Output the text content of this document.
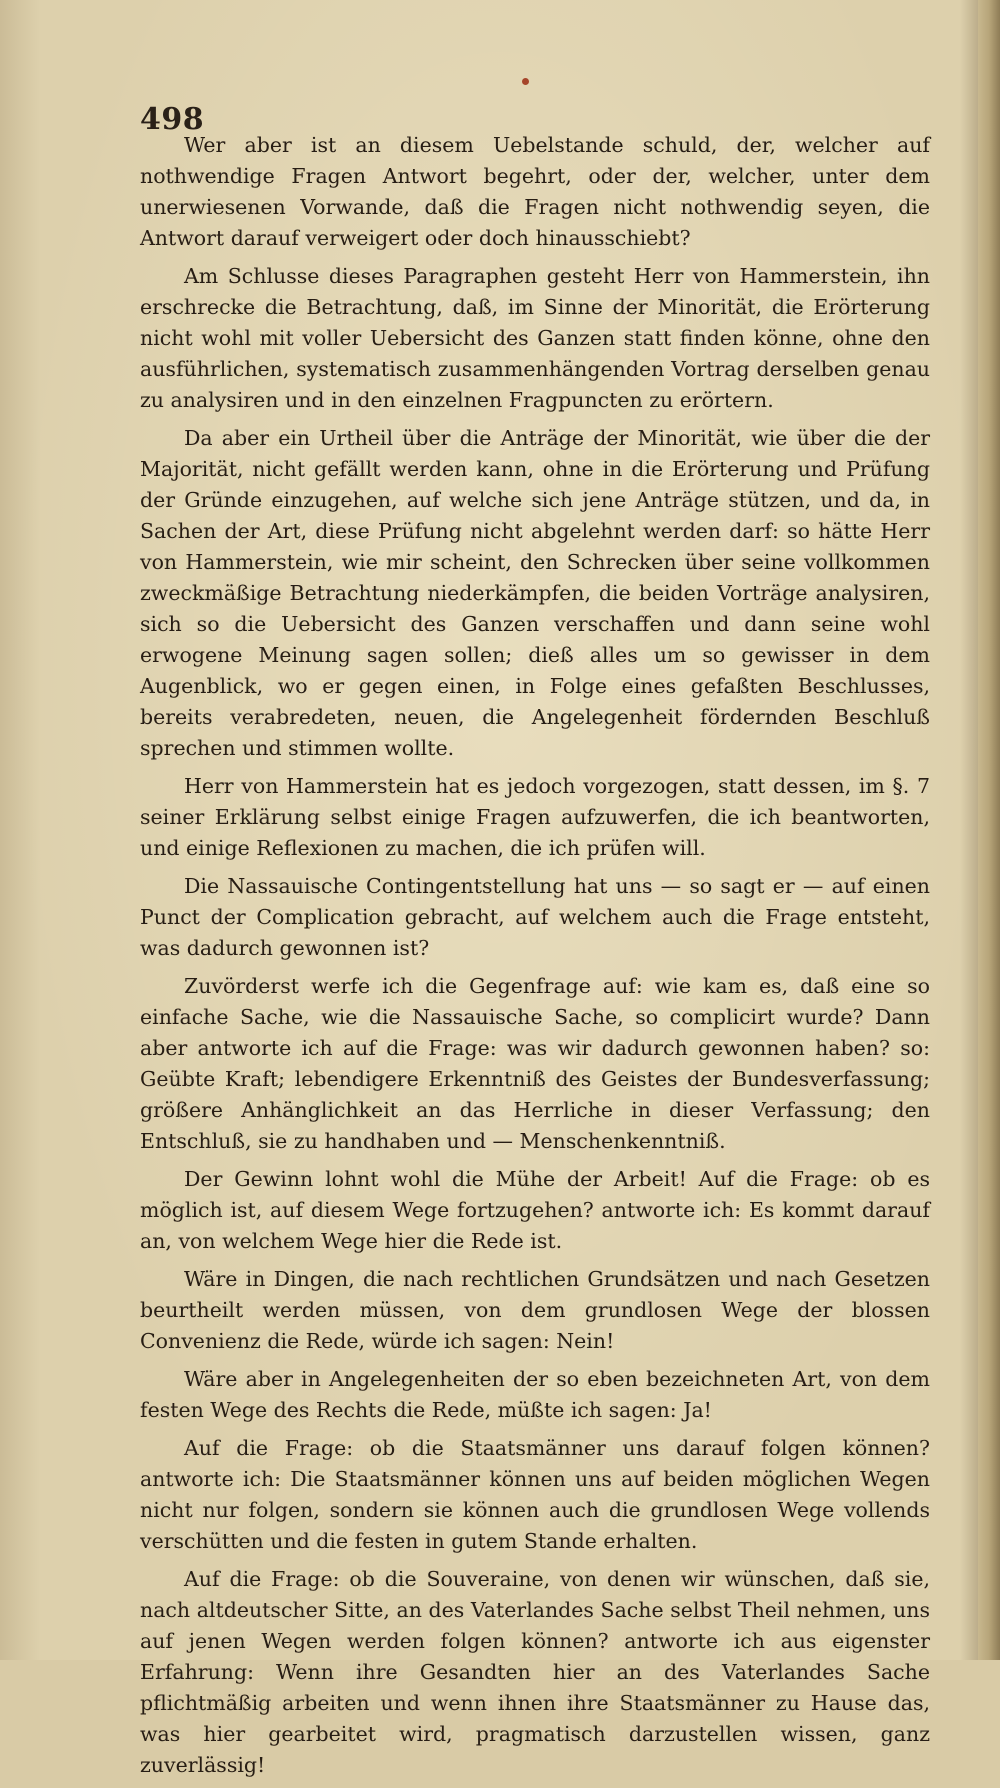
498

Wer aber ist an diesem Uebelstande schuld, der, welcher auf nothwendige Fragen Antwort begehrt, oder der, welcher, unter dem unerwiesenen Vorwande, daß die Fragen nicht nothwendig seyen, die Antwort darauf verweigert oder doch hinausschiebt?

Am Schlusse dieses Paragraphen gesteht Herr von Hammerstein, ihn erschrecke die Betrachtung, daß, im Sinne der Minorität, die Erörterung nicht wohl mit voller Uebersicht des Ganzen statt finden könne, ohne den ausführlichen, systematisch zusammenhängenden Vortrag derselben genau zu analysiren und in den einzelnen Fragpuncten zu erörtern.

Da aber ein Urtheil über die Anträge der Minorität, wie über die der Majorität, nicht gefällt werden kann, ohne in die Erörterung und Prüfung der Gründe einzugehen, auf welche sich jene Anträge stützen, und da, in Sachen der Art, diese Prüfung nicht abgelehnt werden darf: so hätte Herr von Hammerstein, wie mir scheint, den Schrecken über seine vollkommen zweckmäßige Betrachtung niederkämpfen, die beiden Vorträge analysiren, sich so die Uebersicht des Ganzen verschaffen und dann seine wohl erwogene Meinung sagen sollen; dieß alles um so gewisser in dem Augenblick, wo er gegen einen, in Folge eines gefaßten Beschlusses, bereits verabredeten, neuen, die Angelegenheit fördernden Beschluß sprechen und stimmen wollte.

Herr von Hammerstein hat es jedoch vorgezogen, statt dessen, im §. 7 seiner Erklärung selbst einige Fragen aufzuwerfen, die ich beantworten, und einige Reflexionen zu machen, die ich prüfen will.

Die Nassauische Contingentstellung hat uns — so sagt er — auf einen Punct der Complication gebracht, auf welchem auch die Frage entsteht, was dadurch gewonnen ist?

Zuvörderst werfe ich die Gegenfrage auf: wie kam es, daß eine so einfache Sache, wie die Nassauische Sache, so complicirt wurde? Dann aber antworte ich auf die Frage: was wir dadurch gewonnen haben? so: Geübte Kraft; lebendigere Erkenntniß des Geistes der Bundesverfassung; größere Anhänglichkeit an das Herrliche in dieser Verfassung; den Entschluß, sie zu handhaben und — Menschenkenntniß.

Der Gewinn lohnt wohl die Mühe der Arbeit! Auf die Frage: ob es möglich ist, auf diesem Wege fortzugehen? antworte ich: Es kommt darauf an, von welchem Wege hier die Rede ist.

Wäre in Dingen, die nach rechtlichen Grundsätzen und nach Gesetzen beurtheilt werden müssen, von dem grundlosen Wege der blossen Convenienz die Rede, würde ich sagen: Nein!

Wäre aber in Angelegenheiten der so eben bezeichneten Art, von dem festen Wege des Rechts die Rede, müßte ich sagen: Ja!

Auf die Frage: ob die Staatsmänner uns darauf folgen können? antworte ich: Die Staatsmänner können uns auf beiden möglichen Wegen nicht nur folgen, sondern sie können auch die grundlosen Wege vollends verschütten und die festen in gutem Stande erhalten.

Auf die Frage: ob die Souveraine, von denen wir wünschen, daß sie, nach altdeutscher Sitte, an des Vaterlandes Sache selbst Theil nehmen, uns auf jenen Wegen werden folgen können? antworte ich aus eigenster Erfahrung: Wenn ihre Gesandten hier an des Vaterlandes Sache pflichtmäßig arbeiten und wenn ihnen ihre Staatsmänner zu Hause das, was hier gearbeitet wird, pragmatisch darzustellen wissen, ganz zuverlässig!
